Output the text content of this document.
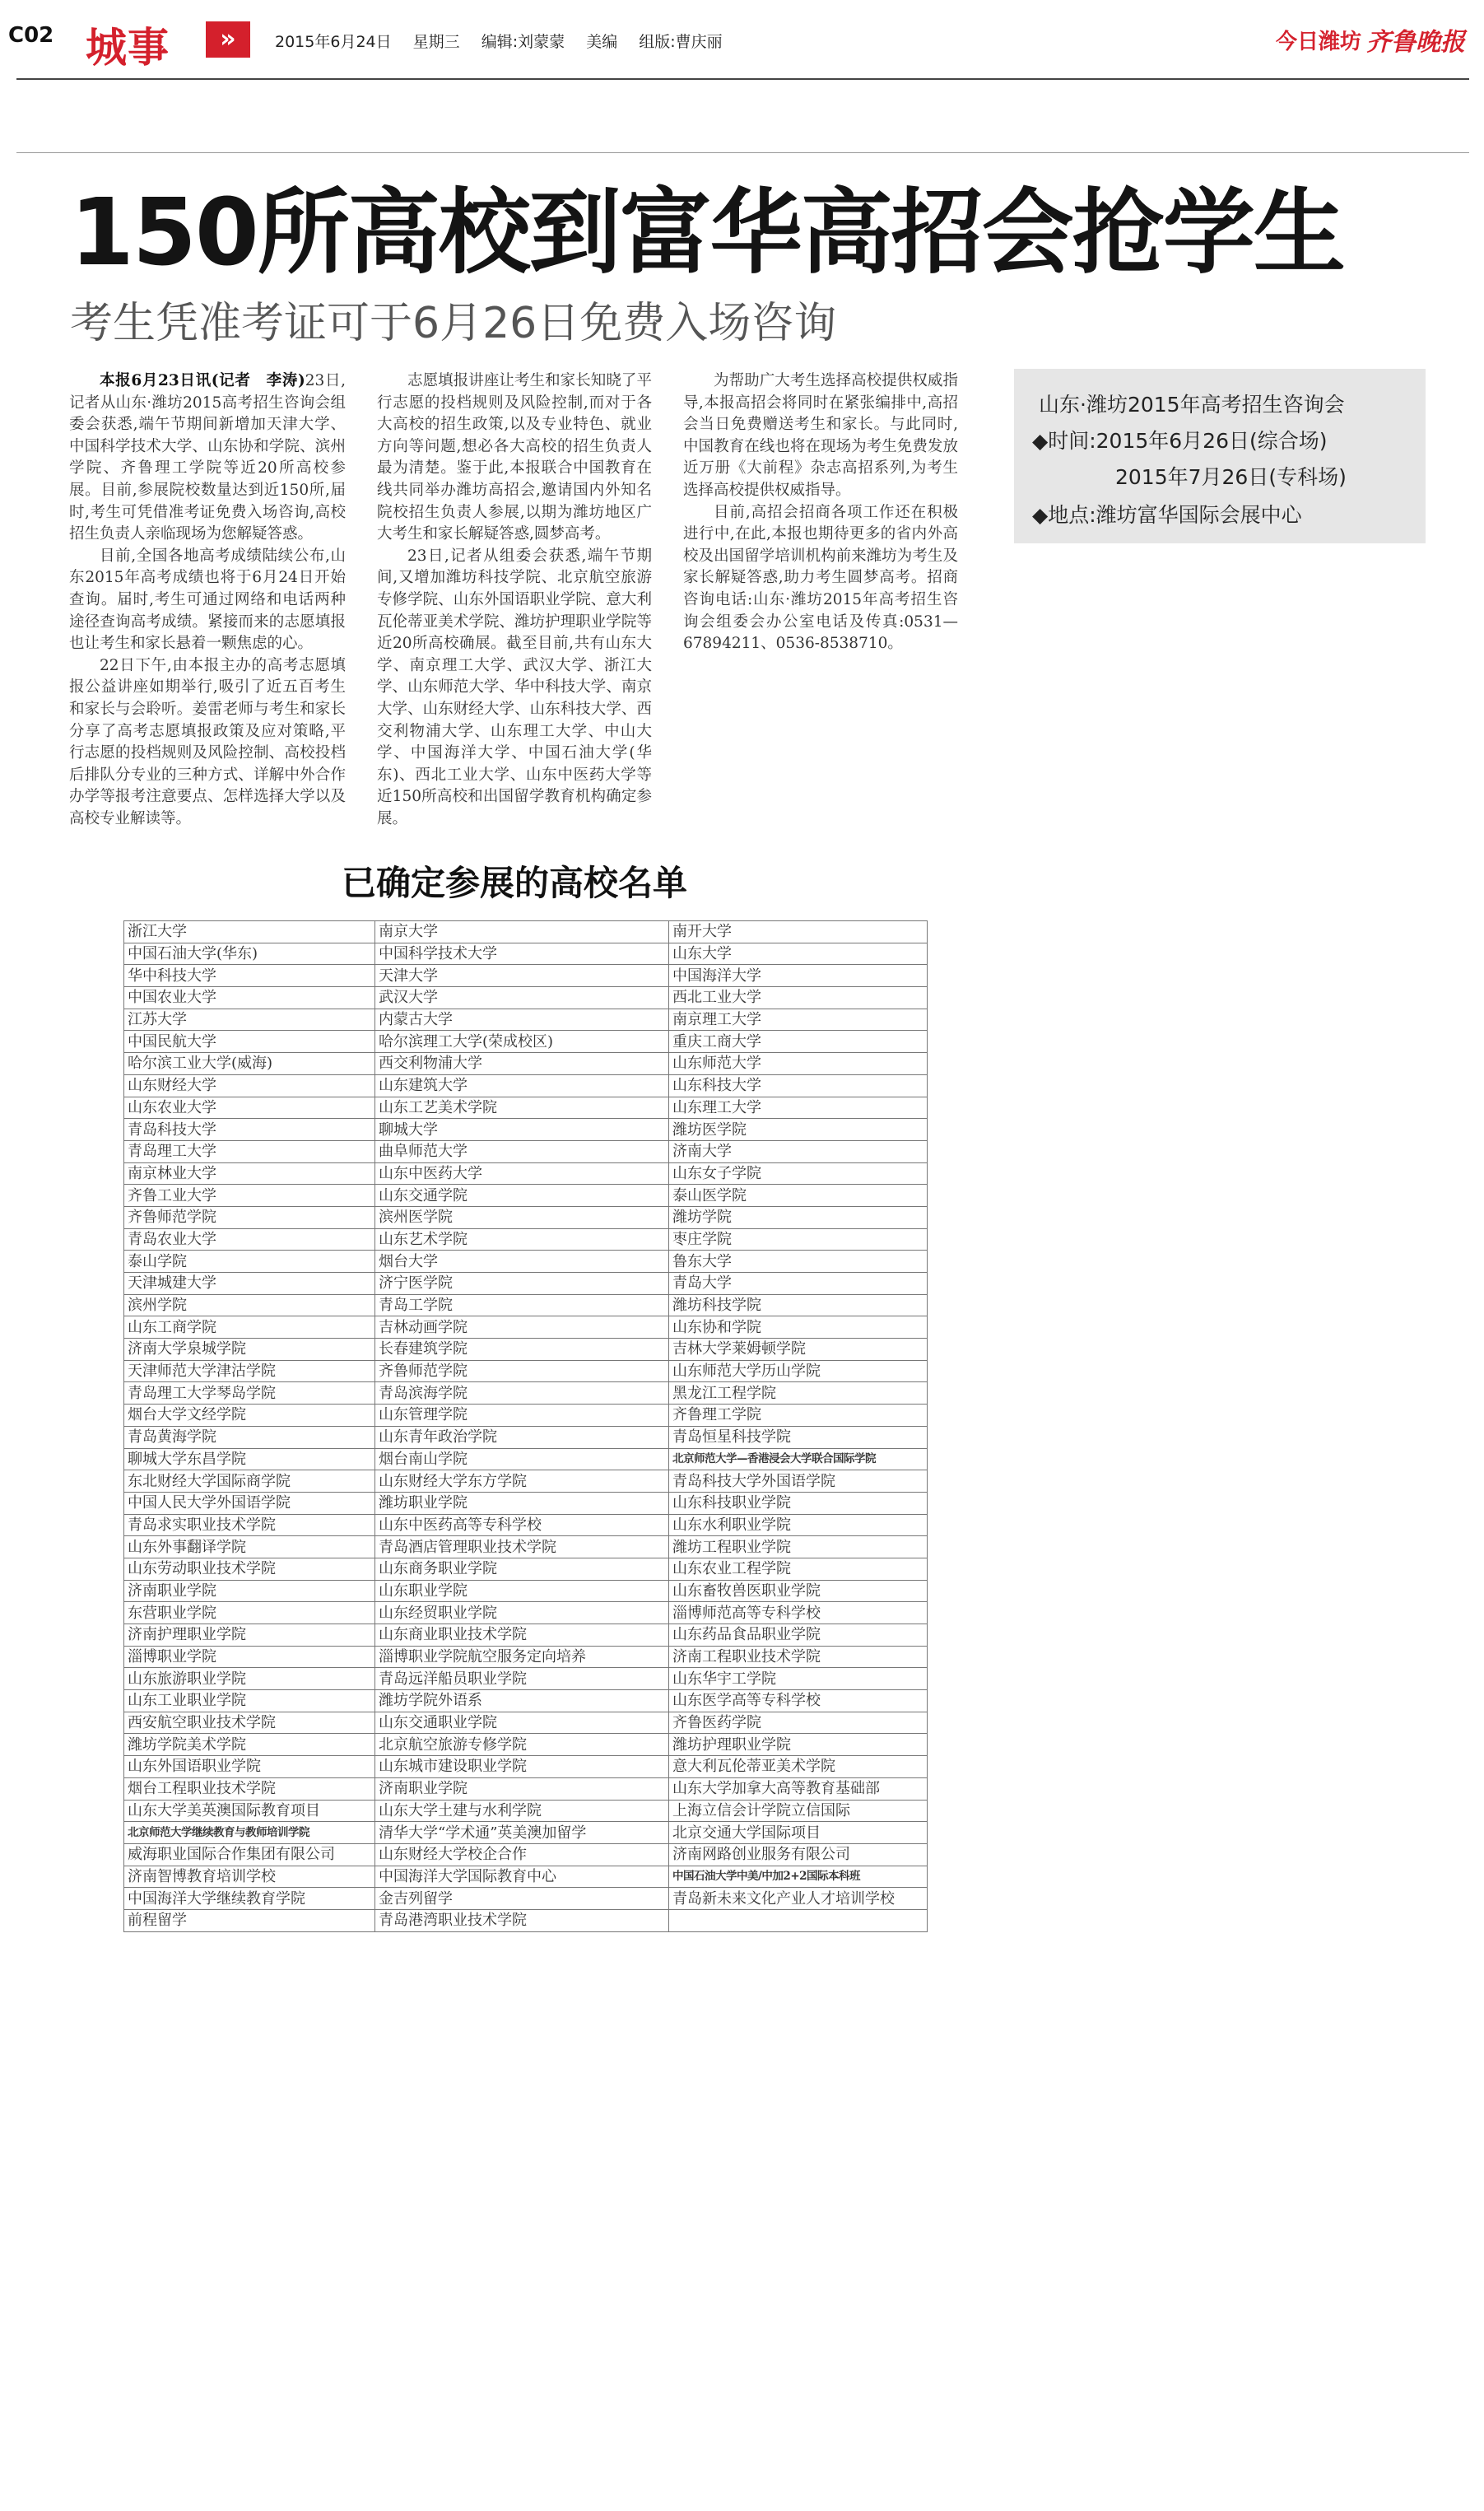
C02 城事	»	2015年6月24日 星期三 编辑:刘蒙蒙 美编 组版:曹庆丽	今日潍坊 齐鲁晚报
150所高校到富华高招会抢学生
考生凭准考证可于6月26日免费入场咨询

本报6月23日讯(记者　李涛)23日,记者从山东·潍坊2015高考招生咨询会组委会获悉,端午节期间新增加天津大学、中国科学技术大学、山东协和学院、滨州学院、齐鲁理工学院等近20所高校参展。目前,参展院校数量达到近150所,届时,考生可凭借准考证免费入场咨询,高校招生负责人亲临现场为您解疑答惑。

目前,全国各地高考成绩陆续公布,山东2015年高考成绩也将于6月24日开始查询。届时,考生可通过网络和电话两种途径查询高考成绩。紧接而来的志愿填报也让考生和家长悬着一颗焦虑的心。

22日下午,由本报主办的高考志愿填报公益讲座如期举行,吸引了近五百考生和家长与会聆听。姜雷老师与考生和家长分享了高考志愿填报政策及应对策略,平行志愿的投档规则及风险控制、高校投档后排队分专业的三种方式、详解中外合作办学等报考注意要点、怎样选择大学以及高校专业解读等。

志愿填报讲座让考生和家长知晓了平行志愿的投档规则及风险控制,而对于各大高校的招生政策,以及专业特色、就业方向等问题,想必各大高校的招生负责人最为清楚。鉴于此,本报联合中国教育在线共同举办潍坊高招会,邀请国内外知名院校招生负责人参展,以期为潍坊地区广大考生和家长解疑答惑,圆梦高考。

23日,记者从组委会获悉,端午节期间,又增加潍坊科技学院、北京航空旅游专修学院、山东外国语职业学院、意大利瓦伦蒂亚美术学院、潍坊护理职业学院等近20所高校确展。截至目前,共有山东大学、南京理工大学、武汉大学、浙江大学、山东师范大学、华中科技大学、南京大学、山东财经大学、山东科技大学、西交利物浦大学、山东理工大学、中山大学、中国海洋大学、中国石油大学(华东)、西北工业大学、山东中医药大学等近150所高校和出国留学教育机构确定参展。

为帮助广大考生选择高校提供权威指导,本报高招会将同时在紧张编排中,高招会当日免费赠送考生和家长。与此同时,中国教育在线也将在现场为考生免费发放近万册《大前程》杂志高招系列,为考生选择高校提供权威指导。

目前,高招会招商各项工作还在积极进行中,在此,本报也期待更多的省内外高校及出国留学培训机构前来潍坊为考生及家长解疑答惑,助力考生圆梦高考。招商咨询电话:山东·潍坊2015年高考招生咨询会组委会办公室电话及传真:0531—67894211、0536-8538710。

山东·潍坊2015年高考招生咨询会
◆时间:2015年6月26日(综合场)
2015年7月26日(专科场)
◆地点:潍坊富华国际会展中心
已确定参展的高校名单
浙江大学	南京大学	南开大学
中国石油大学(华东)	中国科学技术大学	山东大学
华中科技大学	天津大学	中国海洋大学
中国农业大学	武汉大学	西北工业大学
江苏大学	内蒙古大学	南京理工大学
中国民航大学	哈尔滨理工大学(荣成校区)	重庆工商大学
哈尔滨工业大学(威海)	西交利物浦大学	山东师范大学
山东财经大学	山东建筑大学	山东科技大学
山东农业大学	山东工艺美术学院	山东理工大学
青岛科技大学	聊城大学	潍坊医学院
青岛理工大学	曲阜师范大学	济南大学
南京林业大学	山东中医药大学	山东女子学院
齐鲁工业大学	山东交通学院	泰山医学院
齐鲁师范学院	滨州医学院	潍坊学院
青岛农业大学	山东艺术学院	枣庄学院
泰山学院	烟台大学	鲁东大学
天津城建大学	济宁医学院	青岛大学
滨州学院	青岛工学院	潍坊科技学院
山东工商学院	吉林动画学院	山东协和学院
济南大学泉城学院	长春建筑学院	吉林大学莱姆顿学院
天津师范大学津沽学院	齐鲁师范学院	山东师范大学历山学院
青岛理工大学琴岛学院	青岛滨海学院	黑龙江工程学院
烟台大学文经学院	山东管理学院	齐鲁理工学院
青岛黄海学院	山东青年政治学院	青岛恒星科技学院
聊城大学东昌学院	烟台南山学院	北京师范大学—香港浸会大学联合国际学院
东北财经大学国际商学院	山东财经大学东方学院	青岛科技大学外国语学院
中国人民大学外国语学院	潍坊职业学院	山东科技职业学院
青岛求实职业技术学院	山东中医药高等专科学校	山东水利职业学院
山东外事翻译学院	青岛酒店管理职业技术学院	潍坊工程职业学院
山东劳动职业技术学院	山东商务职业学院	山东农业工程学院
济南职业学院	山东职业学院	山东畜牧兽医职业学院
东营职业学院	山东经贸职业学院	淄博师范高等专科学校
济南护理职业学院	山东商业职业技术学院	山东药品食品职业学院
淄博职业学院	淄博职业学院航空服务定向培养	济南工程职业技术学院
山东旅游职业学院	青岛远洋船员职业学院	山东华宇工学院
山东工业职业学院	潍坊学院外语系	山东医学高等专科学校
西安航空职业技术学院	山东交通职业学院	齐鲁医药学院
潍坊学院美术学院	北京航空旅游专修学院	潍坊护理职业学院
山东外国语职业学院	山东城市建设职业学院	意大利瓦伦蒂亚美术学院
烟台工程职业技术学院	济南职业学院	山东大学加拿大高等教育基础部
山东大学美英澳国际教育项目	山东大学土建与水利学院	上海立信会计学院立信国际
北京师范大学继续教育与教师培训学院	清华大学“学术通”英美澳加留学	北京交通大学国际项目
威海职业国际合作集团有限公司	山东财经大学校企合作	济南网路创业服务有限公司
济南智博教育培训学校	中国海洋大学国际教育中心	中国石油大学中美/中加2+2国际本科班
中国海洋大学继续教育学院	金吉列留学	青岛新未来文化产业人才培训学校
前程留学	青岛港湾职业技术学院	
